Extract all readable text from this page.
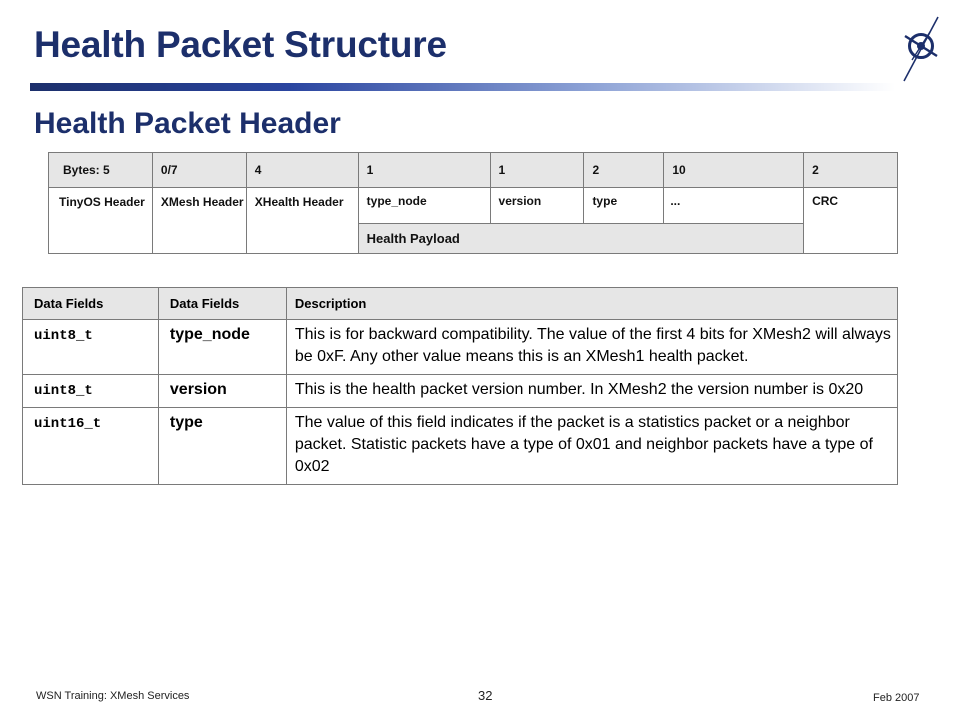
Health Packet Structure
Health Packet Header
Bytes: 5	0/7	4	1	1	2	10	2
TinyOS Header	XMesh Header	XHealth Header	type_node	version	type	...	CRC
			Health Payload				
Data Fields	Data Fields	Description
uint8_t	type_node	This is for backward compatibility. The value of the first 4 bits for XMesh2 will always be 0xF. Any other value means this is an XMesh1 health packet.
uint8_t	version	This is the health packet version number. In XMesh2 the version number is 0x20
uint16_t	type	The value of this field indicates if the packet is a statistics packet or a neighbor packet. Statistic packets have a type of 0x01 and neighbor packets have a type of 0x02
WSN Training: XMesh Services	32	Feb 2007
